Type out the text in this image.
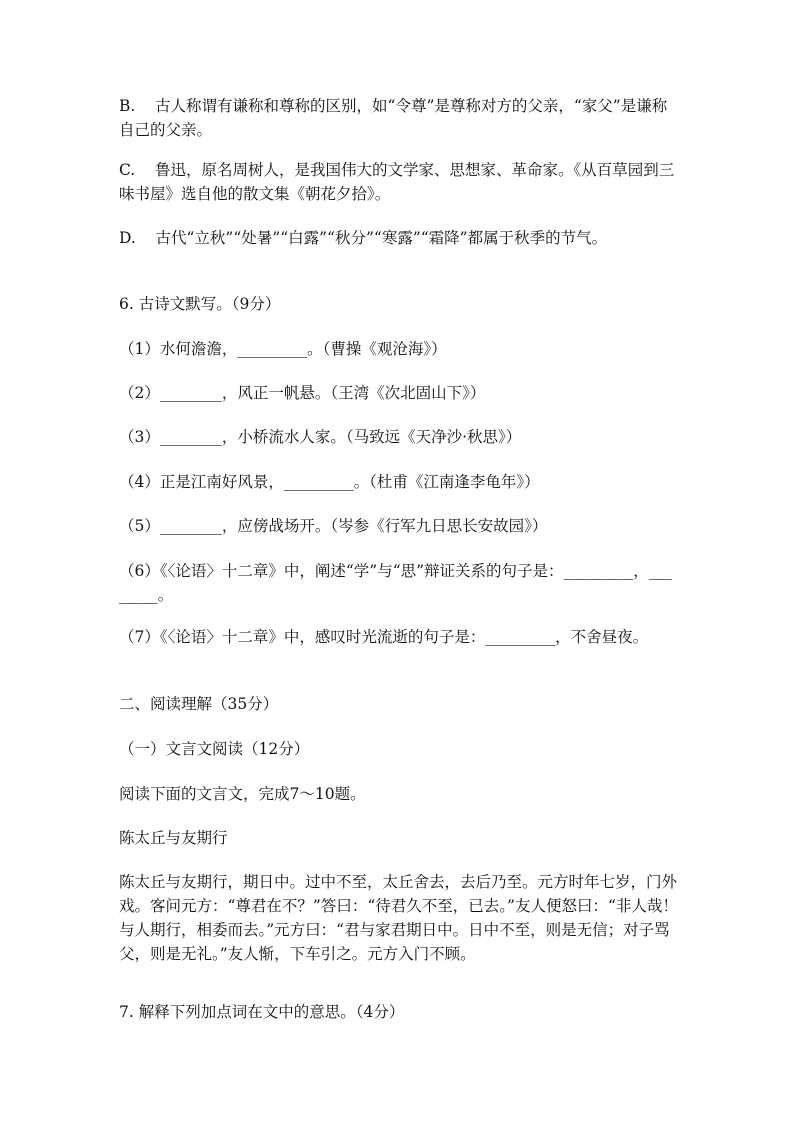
B.    古人称谓有谦称和尊称的区别，如“令尊”是尊称对方的父亲，“家父”是谦称自己的父亲。

C.    鲁迅，原名周树人，是我国伟大的文学家、思想家、革命家。《从百草园到三味书屋》选自他的散文集《朝花夕拾》。

D.    古代“立秋”“处暑”“白露”“秋分”“寒露”“霜降”都属于秋季的节气。

6. 古诗文默写。（9分）

（1）水何澹澹，_________。（曹操《观沧海》）

（2）________，风正一帆悬。（王湾《次北固山下》）

（3）________，小桥流水人家。（马致远《天净沙·秋思》）

（4）正是江南好风景，_________。（杜甫《江南逢李龟年》）

（5）________，应傍战场开。（岑参《行军九日思长安故园》）

（6）《〈论语〉十二章》中，阐述“学”与“思”辩证关系的句子是：_________，________。

（7）《〈论语〉十二章》中，感叹时光流逝的句子是：_________，不舍昼夜。

二、阅读理解（35分）

（一）文言文阅读（12分）

阅读下面的文言文，完成7～10题。

陈太丘与友期行

陈太丘与友期行，期日中。过中不至，太丘舍去，去后乃至。元方时年七岁，门外戏。客问元方：“尊君在不？”答曰：“待君久不至，已去。”友人便怒曰：“非人哉！与人期行，相委而去。”元方曰：“君与家君期日中。日中不至，则是无信；对子骂父，则是无礼。”友人惭，下车引之。元方入门不顾。

7. 解释下列加点词在文中的意思。（4分）
